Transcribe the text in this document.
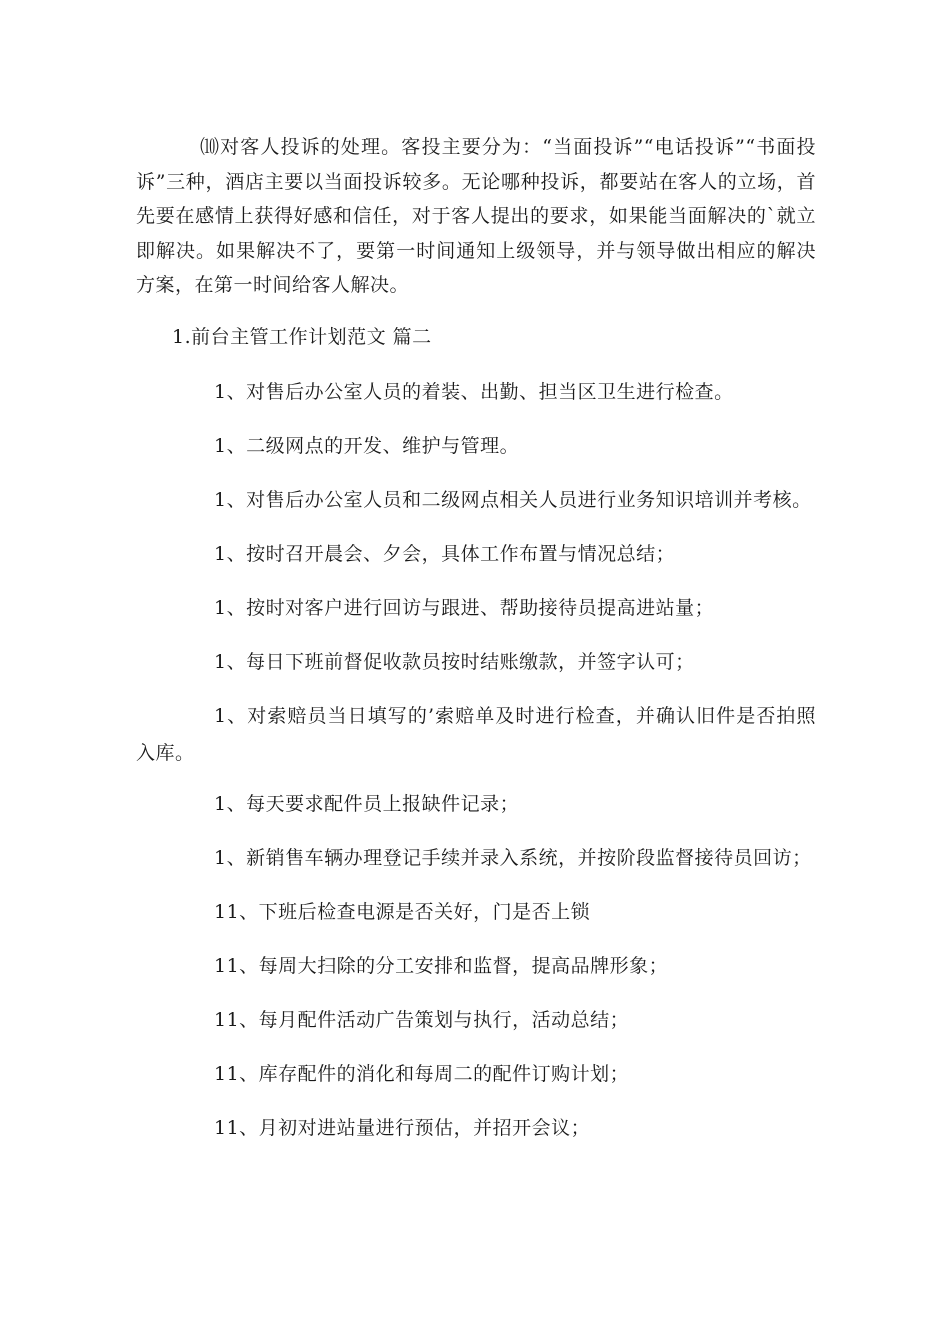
⑽对客人投诉的处理。客投主要分为：“当面投诉”“电话投诉”“书面投诉”三种，酒店主要以当面投诉较多。无论哪种投诉，都要站在客人的立场，首先要在感情上获得好感和信任，对于客人提出的要求，如果能当面解决的`就立即解决。如果解决不了，要第一时间通知上级领导，并与领导做出相应的解决方案，在第一时间给客人解决。

1.前台主管工作计划范文 篇二

1、对售后办公室人员的着装、出勤、担当区卫生进行检查。

1、二级网点的开发、维护与管理。

1、对售后办公室人员和二级网点相关人员进行业务知识培训并考核。

1、按时召开晨会、夕会，具体工作布置与情况总结；

1、按时对客户进行回访与跟进、帮助接待员提高进站量；

1、每日下班前督促收款员按时结账缴款，并签字认可；

1、对索赔员当日填写的’索赔单及时进行检查，并确认旧件是否拍照入库。

1、每天要求配件员上报缺件记录；

1、新销售车辆办理登记手续并录入系统，并按阶段监督接待员回访；

11、下班后检查电源是否关好，门是否上锁

11、每周大扫除的分工安排和监督，提高品牌形象；

11、每月配件活动广告策划与执行，活动总结；

11、库存配件的消化和每周二的配件订购计划；

11、月初对进站量进行预估，并招开会议；
